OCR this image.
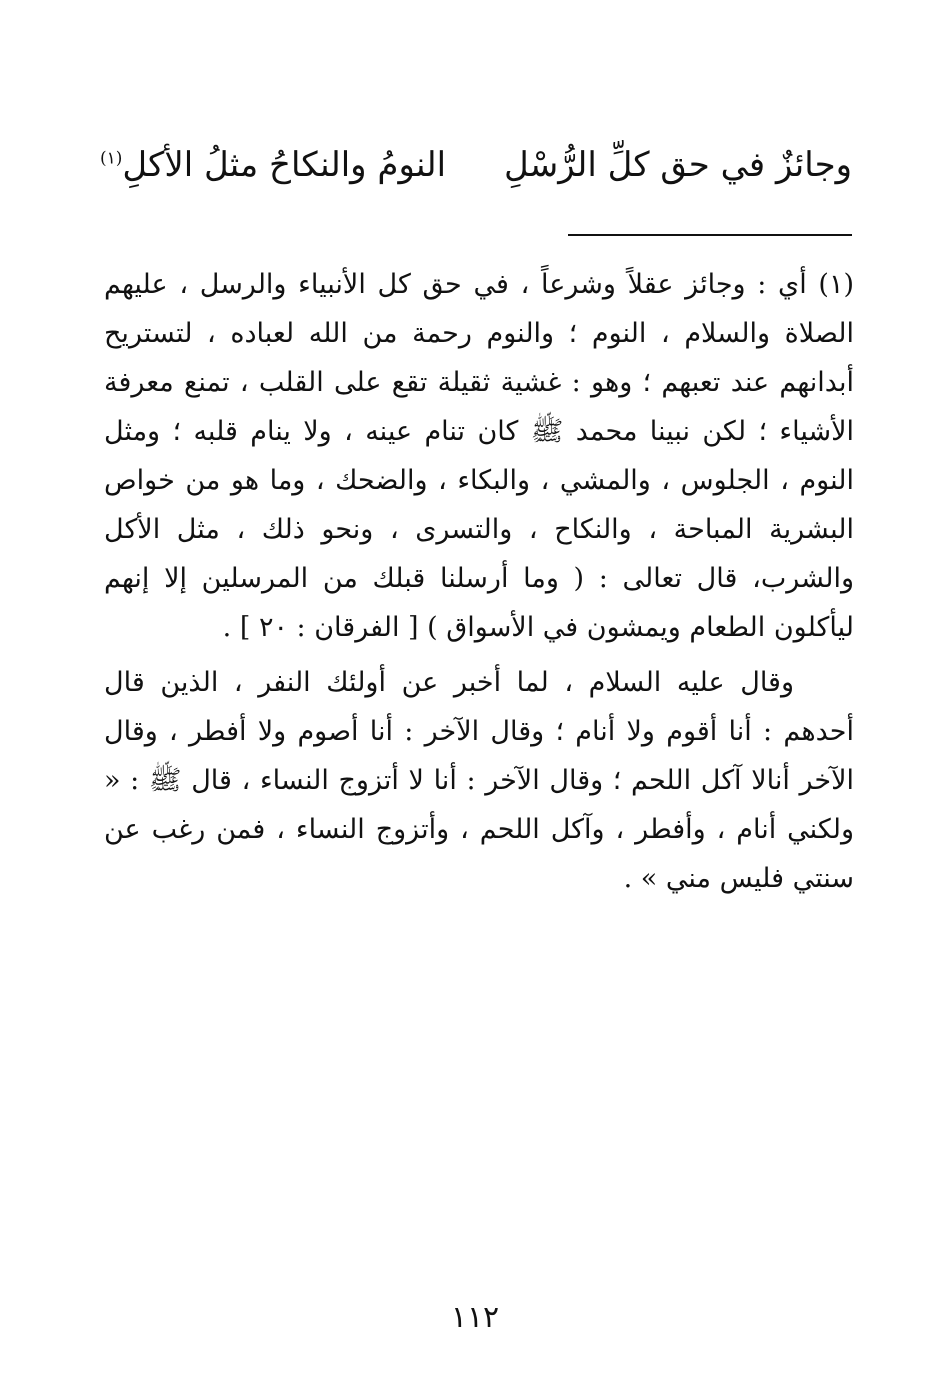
وجائزٌ في حق كلِّ الرُّسْلِ
النومُ والنكاحُ مثلُ الأكلِ$^{(١)}$

(١) أي : وجائز عقلاً وشرعاً ، في حق كل الأنبياء والرسل ، عليهم الصلاة والسلام ، النوم ؛ والنوم رحمة من الله لعباده ، لتستريح أبدانهم عند تعبهم ؛ وهو : غشية ثقيلة تقع على القلب ، تمنع معرفة الأشياء ؛ لكن نبينا محمد ﷺ كان تنام عينه ، ولا ينام قلبه ؛ ومثل النوم ، الجلوس ، والمشي ، والبكاء ، والضحك ، وما هو من خواص البشرية المباحة ، والنكاح ، والتسرى ، ونحو ذلك ، مثل الأكل والشرب، قال تعالى : ( وما أرسلنا قبلك من المرسلين إلا إنهم ليأكلون الطعام ويمشون في الأسواق ) [ الفرقان : ٢٠ ] .

وقال عليه السلام ، لما أخبر عن أولئك النفر ، الذين قال أحدهم : أنا أقوم ولا أنام ؛ وقال الآخر : أنا أصوم ولا أفطر ، وقال الآخر أنالا آكل اللحم ؛ وقال الآخر : أنا لا أتزوج النساء ، قال ﷺ : « ولكني أنام ، وأفطر ، وآكل اللحم ، وأتزوج النساء ، فمن رغب عن سنتي فليس مني » .

١١٢
